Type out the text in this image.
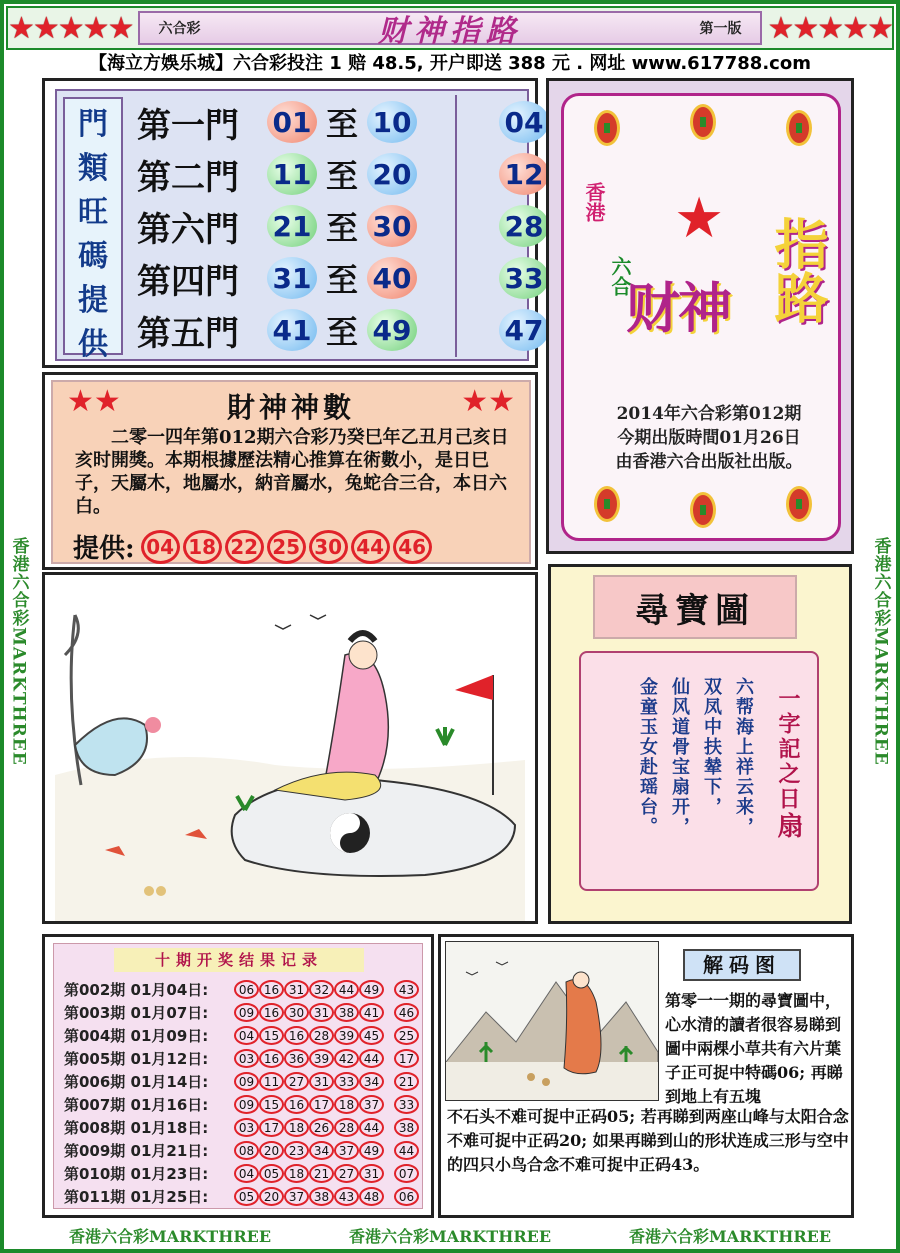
★★★★★ 六合彩	财神指路	第一版 ★★★★★
【海立方娛乐城】六合彩投注 1 赔 48.5, 开户即送 388 元 . 网址 www.617788.com
香港六合彩MARKTHREE	香港六合彩MARKTHREE
香港六合彩MARKTHREE	香港六合彩MARKTHREE	香港六合彩MARKTHREE
門
類
旺
碼
提
供
第一門	01 至 10	04
第二門	11 至 20	12
第六門	21 至 30	28
第四門	31 至 40	33
第五門	41 至 49	47
★
香港
六合
财神 指路
2014年六合彩第012期
今期出版時間01月26日
由香港六合出版社出版。
★★	★★
財神神數
二零一四年第012期六合彩乃癸巳年乙丑月己亥日亥时開獎。本期根據歷法精心推算在術數小，是日巳子，天屬木，地屬水，納音屬水，兔蛇合三合，本日六白。
提供: 04 18 22 25 30 44 46
尋寶圖
六帮海上祥云来，
双凤中扶辇下，
仙风道骨宝扇开，
金童玉女赴瑶台。	一字記之日扇
十期开奖结果记录
第002期 01月04日:	06 16 31 32 44 49	43
第003期 01月07日:	09 16 30 31 38 41	46
第004期 01月09日:	04 15 16 28 39 45	25
第005期 01月12日:	03 16 36 39 42 44	17
第006期 01月14日:	09 11 27 31 33 34	21
第007期 01月16日:	09 15 16 17 18 37	33
第008期 01月18日:	03 17 18 26 28 44	38
第009期 01月21日:	08 20 23 34 37 49	44
第010期 01月23日:	04 05 18 21 27 31	07
第011期 01月25日:	05 20 37 38 43 48	06
解码图
第零一一期的尋寶圖中，心水清的讀者很容易睇到圖中兩棵小草共有六片葉子正可捉中特碼06; 再睇到地上有五塊
不石头不难可捉中正码05; 若再睇到两座山峰与太阳合念不难可捉中正码20; 如果再睇到山的形状连成三形与空中的四只小鸟合念不难可捉中正码43。
